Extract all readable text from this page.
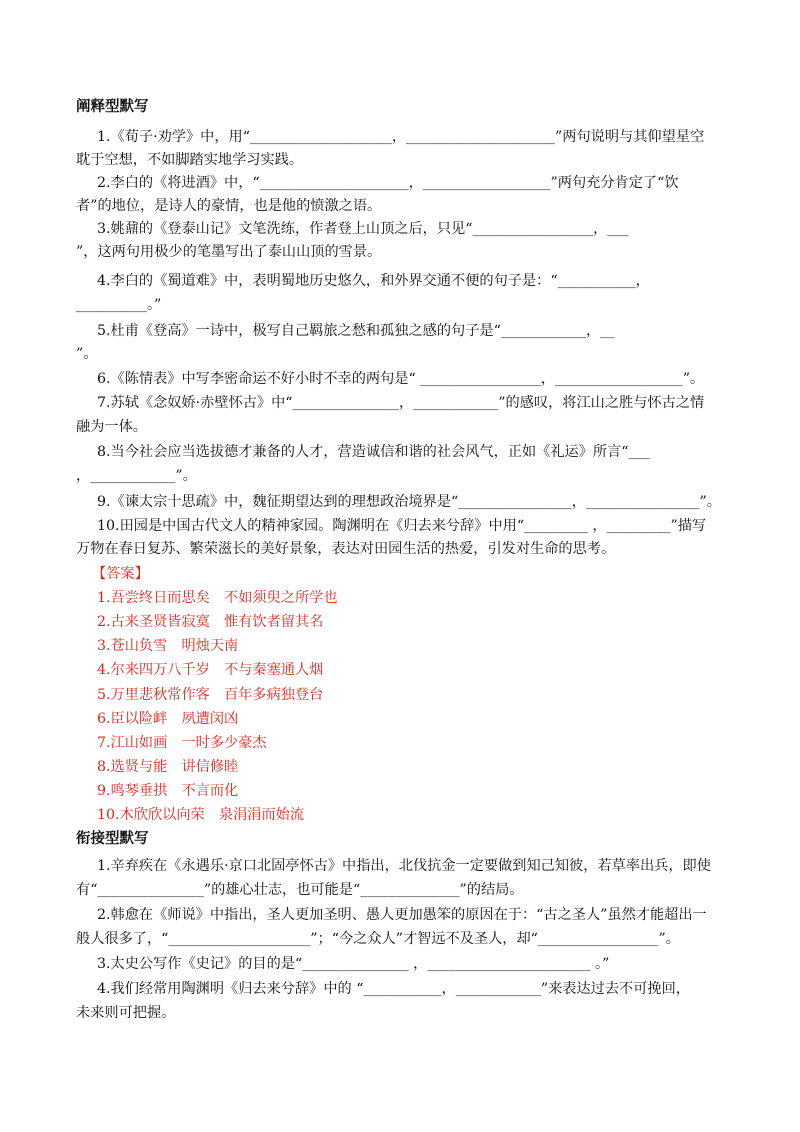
阐释型默写
1.《荀子·劝学》中，用“____________________，_____________________”两句说明与其仰望星空
耽于空想，不如脚踏实地学习实践。
2.李白的《将进酒》中，“_____________________，__________________”两句充分肯定了“饮
者”的地位，是诗人的豪情，也是他的愤激之语。
3.姚鼐的《登泰山记》文笔洗练，作者登上山顶之后，只见“_________________，___
”，这两句用极少的笔墨写出了泰山山顶的雪景。
4.李白的《蜀道难》中，表明蜀地历史悠久，和外界交通不便的句子是：“___________，
__________。”
5.杜甫《登高》一诗中，极写自己羁旅之愁和孤独之感的句子是“____________，__
”。
6.《陈情表》中写李密命运不好小时不幸的两句是“ _________________，__________________”。
7.苏轼《念奴娇·赤壁怀古》中“_______________，____________”的感叹，将江山之胜与怀古之情
融为一体。
8.当今社会应当选拔德才兼备的人才，营造诚信和谐的社会风气，正如《礼运》所言“___
，____________”。
9.《谏太宗十思疏》中，魏征期望达到的理想政治境界是“________________，________________”。
10.田园是中国古代文人的精神家园。陶渊明在《归去来兮辞》中用“_________ ，_________”描写
万物在春日复苏、繁荣滋长的美好景象，表达对田园生活的热爱，引发对生命的思考。
【答案】
1.吾尝终日而思矣　不如须臾之所学也
2.古来圣贤皆寂寞　惟有饮者留其名
3.苍山负雪　明烛天南
4.尔来四万八千岁　不与秦塞通人烟
5.万里悲秋常作客　百年多病独登台
6.臣以险衅　夙遭闵凶
7.江山如画　一时多少豪杰
8.选贤与能　讲信修睦
9.鸣琴垂拱　不言而化
10.木欣欣以向荣　泉涓涓而始流
衔接型默写
1.辛弃疾在《永遇乐·京口北固亭怀古》中指出，北伐抗金一定要做到知己知彼，若草率出兵，即使
有“_______________”的雄心壮志，也可能是“______________”的结局。
2.韩愈在《师说》中指出，圣人更加圣明、愚人更加愚笨的原因在于：“古之圣人”虽然才能超出一
般人很多了，“____________________”；“今之众人”才智远不及圣人，却“_________________”。
3.太史公写作《史记》的目的是“_______________ ，_______________________ 。”
4.我们经常用陶渊明《归去来兮辞》中的 “___________，____________”来表达过去不可挽回，
未来则可把握。
